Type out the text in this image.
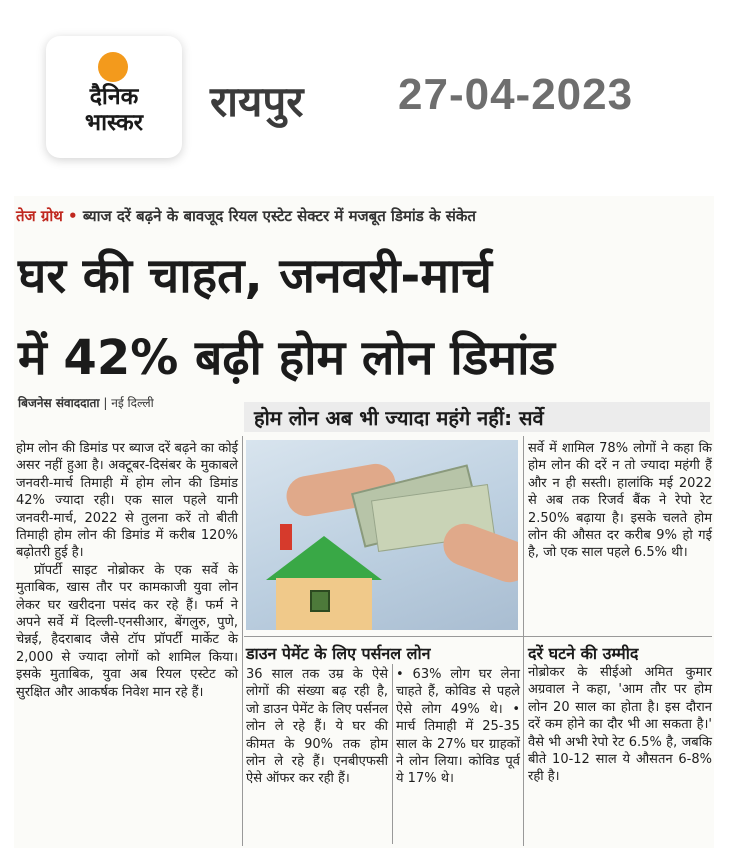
दैनिक
भास्कर	रायपुर 27-04-2023
तेज ग्रोथ • ब्याज दरें बढ़ने के बावजूद रियल एस्टेट सेक्टर में मजबूत डिमांड के संकेत
घर की चाहत, जनवरी-मार्च
में 42% बढ़ी होम लोन डिमांड
बिजनेस संवाददाता | नई दिल्ली
होम लोन अब भी ज्यादा महंगे नहीं: सर्वे

होम लोन की डिमांड पर ब्याज दरें बढ़ने का कोई असर नहीं हुआ है। अक्टूबर-दिसंबर के मुकाबले जनवरी-मार्च तिमाही में होम लोन की डिमांड 42% ज्यादा रही। एक साल पहले यानी जनवरी-मार्च, 2022 से तुलना करें तो बीती तिमाही होम लोन की डिमांड में करीब 120% बढ़ोतरी हुई है।

प्रॉपर्टी साइट नोब्रोकर के एक सर्वे के मुताबिक, खास तौर पर कामकाजी युवा लोन लेकर घर खरीदना पसंद कर रहे हैं। फर्म ने अपने सर्वे में दिल्ली-एनसीआर, बेंगलुरु, पुणे, चेन्नई, हैदराबाद जैसे टॉप प्रॉपर्टी मार्केट के 2,000 से ज्यादा लोगों को शामिल किया। इसके मुताबिक, युवा अब रियल एस्टेट को सुरक्षित और आकर्षक निवेश मान रहे हैं।

सर्वे में शामिल 78% लोगों ने कहा कि होम लोन की दरें न तो ज्यादा महंगी हैं और न ही सस्ती। हालांकि मई 2022 से अब तक रिजर्व बैंक ने रेपो रेट 2.50% बढ़ाया है। इसके चलते होम लोन की औसत दर करीब 9% हो गई है, जो एक साल पहले 6.5% थी।

डाउन पेमेंट के लिए पर्सनल लोन
36 साल तक उम्र के ऐसे लोगों की संख्या बढ़ रही है, जो डाउन पेमेंट के लिए पर्सनल लोन ले रहे हैं। ये घर की कीमत के 90% तक होम लोन ले रहे हैं। एनबीएफसी ऐसे ऑफर कर रही हैं।
• 63% लोग घर लेना चाहते हैं, कोविड से पहले ऐसे लोग 49% थे। • मार्च तिमाही में 25-35 साल के 27% घर ग्राहकों ने लोन लिया। कोविड पूर्व ये 17% थे।
दरें घटने की उम्मीद
नोब्रोकर के सीईओ अमित कुमार अग्रवाल ने कहा, 'आम तौर पर होम लोन 20 साल का होता है। इस दौरान दरें कम होने का दौर भी आ सकता है।' वैसे भी अभी रेपो रेट 6.5% है, जबकि बीते 10-12 साल ये औसतन 6-8% रही है।
